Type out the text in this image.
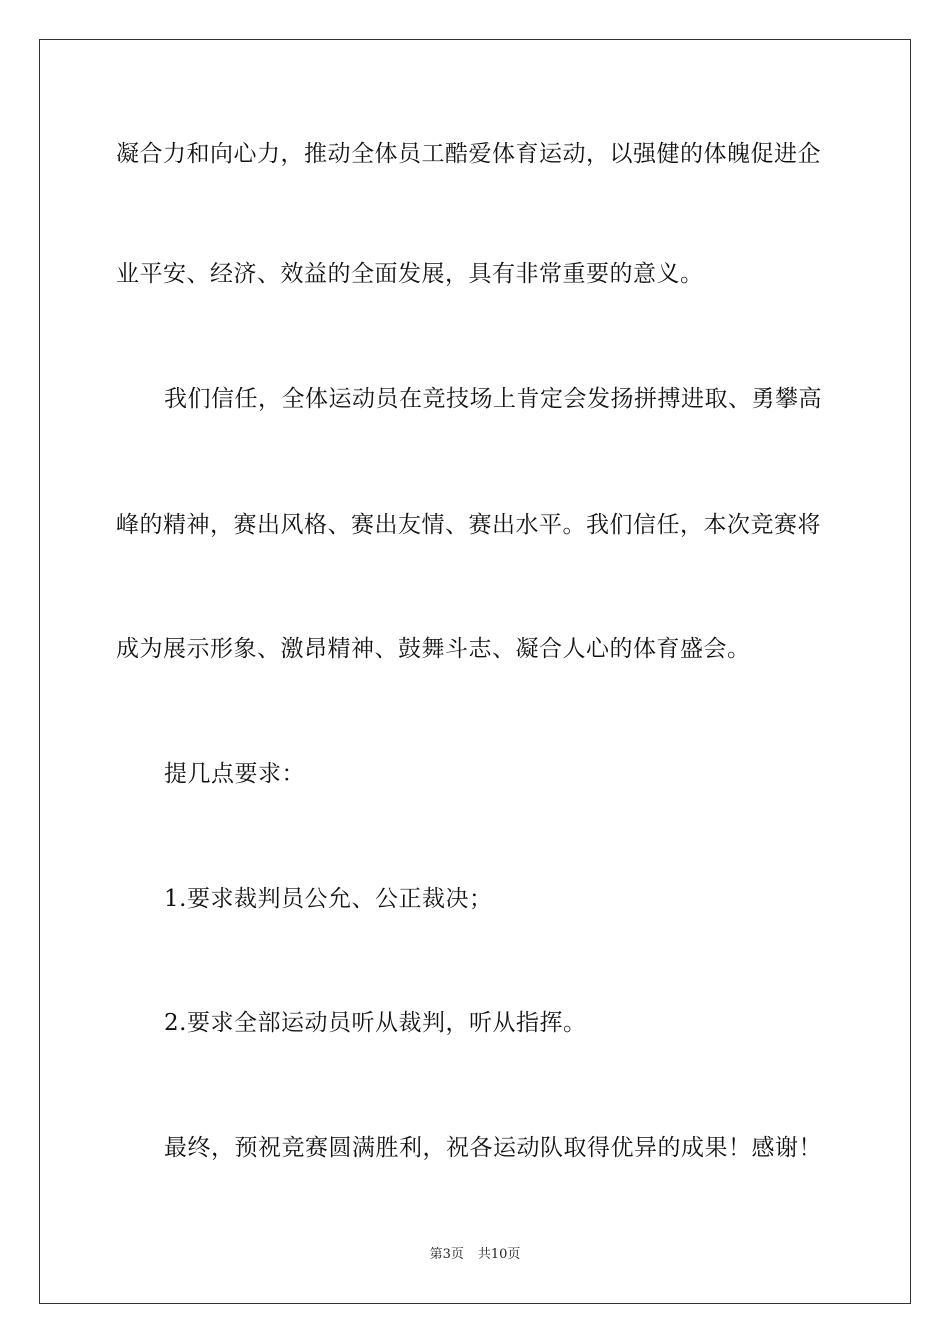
凝合力和向心力，推动全体员工酷爱体育运动，以强健的体魄促进企
业平安、经济、效益的全面发展，具有非常重要的意义。
我们信任，全体运动员在竞技场上肯定会发扬拼搏进取、勇攀高
峰的精神，赛出风格、赛出友情、赛出水平。我们信任，本次竞赛将
成为展示形象、激昂精神、鼓舞斗志、凝合人心的体育盛会。
提几点要求：
1.要求裁判员公允、公正裁决；
2.要求全部运动员听从裁判，听从指挥。
最终，预祝竞赛圆满胜利，祝各运动队取得优异的成果！感谢！
第3页 共10页
